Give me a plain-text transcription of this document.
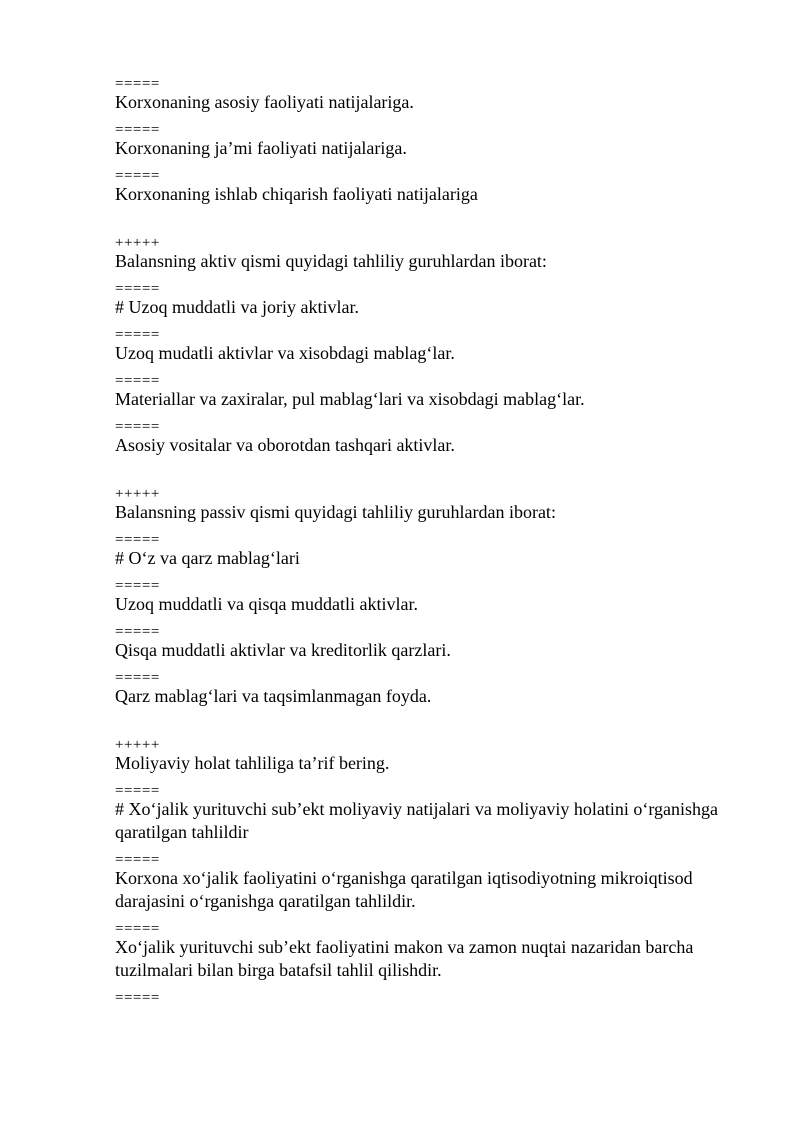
=====
Korxonaning asosiy faoliyati natijalariga.
=====
Korxonaning ja’mi faoliyati natijalariga.
=====
Korxonaning ishlab chiqarish faoliyati natijalariga
+++++
Balansning aktiv qismi quyidagi tahliliy guruhlardan iborat:
=====
# Uzoq muddatli va joriy aktivlar.
=====
Uzoq mudatli aktivlar va xisobdagi mablag‘lar.
=====
Materiallar va zaxiralar, pul mablag‘lari va xisobdagi mablag‘lar.
=====
Asosiy vositalar va oborotdan tashqari aktivlar.
+++++
Balansning passiv qismi quyidagi tahliliy guruhlardan iborat:
=====
# O‘z va qarz mablag‘lari
=====
Uzoq muddatli va qisqa muddatli aktivlar.
=====
Qisqa muddatli aktivlar va kreditorlik qarzlari.
=====
Qarz mablag‘lari va taqsimlanmagan foyda.
+++++
Moliyaviy holat tahliliga ta’rif bering.
=====
# Xo‘jalik yurituvchi sub’ekt moliyaviy natijalari va moliyaviy holatini o‘rganishga qaratilgan tahlildir
=====
Korxona xo‘jalik faoliyatini o‘rganishga qaratilgan iqtisodiyotning mikroiqtisod darajasini o‘rganishga qaratilgan tahlildir.
=====
Xo‘jalik yurituvchi sub’ekt faoliyatini makon va zamon nuqtai nazaridan barcha tuzilmalari bilan birga batafsil tahlil qilishdir.
=====
